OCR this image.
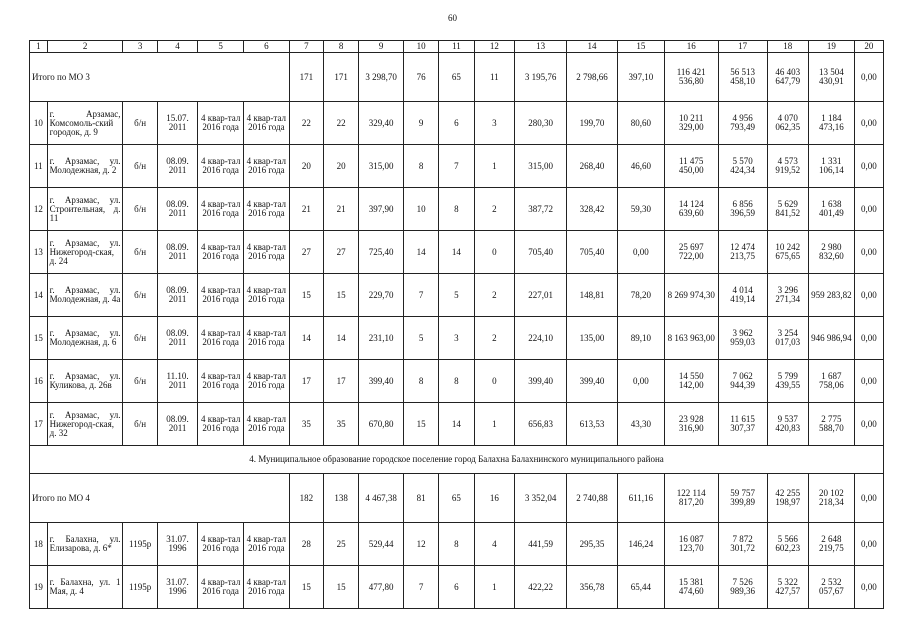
60
1	2	3	4	5	6	7	8	9	10	11	12	13	14	15	16	17	18	19	20
Итого по МО 3						171	171	3 298,70	76	65	11	3 195,76	2 798,66	397,10	116 421 536,80	56 513 458,10	46 403 647,79	13 504 430,91	0,00
10	г. Арзамас, Комсомоль-ский городок, д. 9	б/н	15.07. 2011	4 квар-тал 2016 года	4 квар-тал 2016 года	22	22	329,40	9	6	3	280,30	199,70	80,60	10 211 329,00	4 956 793,49	4 070 062,35	1 184 473,16	0,00
11	г. Арзамас, ул. Молодежная, д. 2	б/н	08.09. 2011	4 квар-тал 2016 года	4 квар-тал 2016 года	20	20	315,00	8	7	1	315,00	268,40	46,60	11 475 450,00	5 570 424,34	4 573 919,52	1 331 106,14	0,00
12	г. Арзамас, ул. Строительная, д. 11	б/н	08.09. 2011	4 квар-тал 2016 года	4 квар-тал 2016 года	21	21	397,90	10	8	2	387,72	328,42	59,30	14 124 639,60	6 856 396,59	5 629 841,52	1 638 401,49	0,00
13	г. Арзамас, ул. Нижегород-ская, д. 24	б/н	08.09. 2011	4 квар-тал 2016 года	4 квар-тал 2016 года	27	27	725,40	14	14	0	705,40	705,40	0,00	25 697 722,00	12 474 213,75	10 242 675,65	2 980 832,60	0,00
14	г. Арзамас, ул. Молодежная, д. 4а	б/н	08.09. 2011	4 квар-тал 2016 года	4 квар-тал 2016 года	15	15	229,70	7	5	2	227,01	148,81	78,20	8 269 974,30	4 014 419,14	3 296 271,34	959 283,82	0,00
15	г. Арзамас, ул. Молодежная, д. 6	б/н	08.09. 2011	4 квар-тал 2016 года	4 квар-тал 2016 года	14	14	231,10	5	3	2	224,10	135,00	89,10	8 163 963,00	3 962 959,03	3 254 017,03	946 986,94	0,00
16	г. Арзамас, ул. Куликова, д. 26в	б/н	11.10. 2011	4 квар-тал 2016 года	4 квар-тал 2016 года	17	17	399,40	8	8	0	399,40	399,40	0,00	14 550 142,00	7 062 944,39	5 799 439,55	1 687 758,06	0,00
17	г. Арзамас, ул. Нижегород-ская, д. 32	б/н	08.09. 2011	4 квар-тал 2016 года	4 квар-тал 2016 года	35	35	670,80	15	14	1	656,83	613,53	43,30	23 928 316,90	11 615 307,37	9 537 420,83	2 775 588,70	0,00
4. Муниципальное образование городское поселение город Балахна Балахнинского муниципального района																			
Итого по МО 4						182	138	4 467,38	81	65	16	3 352,04	2 740,88	611,16	122 114 817,20	59 757 399,89	42 255 198,97	20 102 218,34	0,00
18	г. Балахна, ул. Елизарова, д. 6*	1195р	31.07. 1996	4 квар-тал 2016 года	4 квар-тал 2016 года	28	25	529,44	12	8	4	441,59	295,35	146,24	16 087 123,70	7 872 301,72	5 566 602,23	2 648 219,75	0,00
19	г. Балахна, ул. 1 Мая, д. 4	1195р	31.07. 1996	4 квар-тал 2016 года	4 квар-тал 2016 года	15	15	477,80	7	6	1	422,22	356,78	65,44	15 381 474,60	7 526 989,36	5 322 427,57	2 532 057,67	0,00
